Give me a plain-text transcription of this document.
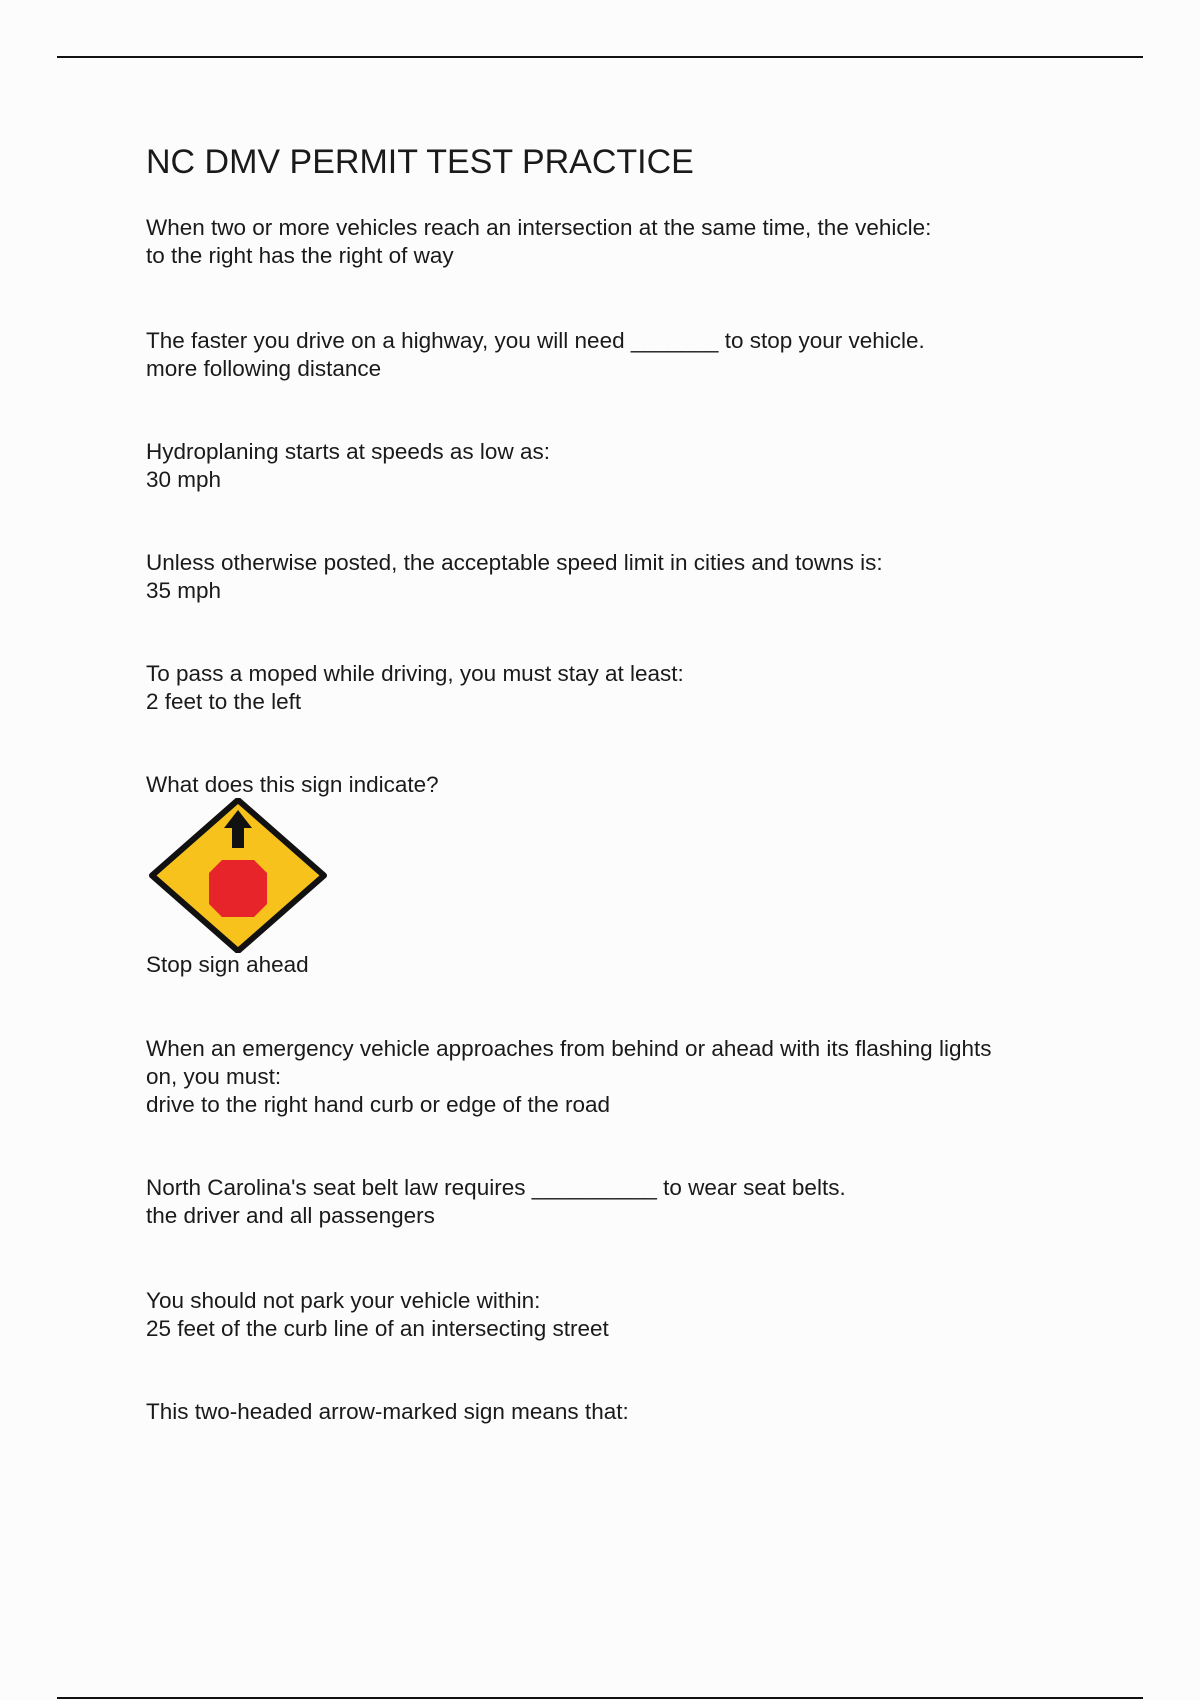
NC DMV PERMIT TEST PRACTICE
When two or more vehicles reach an intersection at the same time, the vehicle:
to the right has the right of way
The faster you drive on a highway, you will need _______ to stop your vehicle.
more following distance
Hydroplaning starts at speeds as low as:
30 mph
Unless otherwise posted, the acceptable speed limit in cities and towns is:
35 mph
To pass a moped while driving, you must stay at least:
2 feet to the left
What does this sign indicate?
Stop sign ahead
When an emergency vehicle approaches from behind or ahead with its flashing lights
on, you must:
drive to the right hand curb or edge of the road
North Carolina's seat belt law requires __________ to wear seat belts.
the driver and all passengers
You should not park your vehicle within:
25 feet of the curb line of an intersecting street
This two-headed arrow-marked sign means that:
